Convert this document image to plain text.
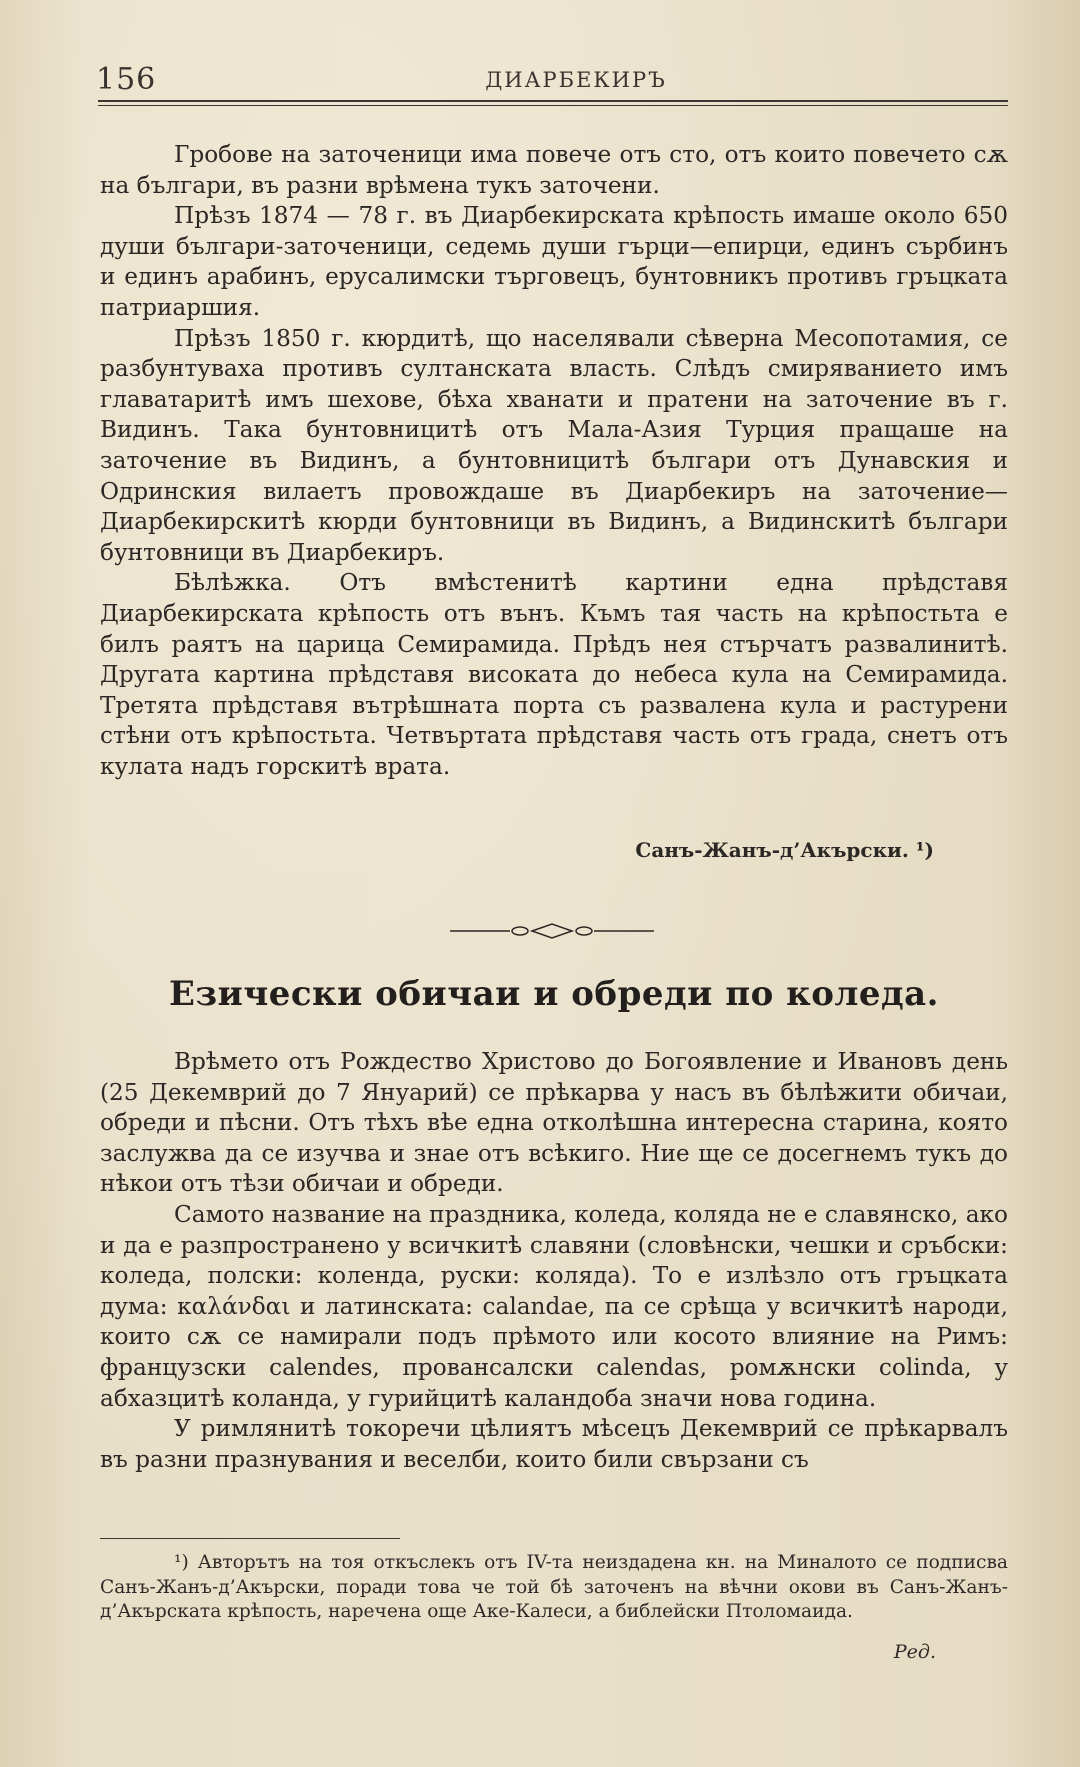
156	ДИАРБЕКИРЪ

Гробове на заточеници има повече отъ сто, отъ които повечето сѫ на българи, въ разни врѣмена тукъ заточени.

Прѣзъ 1874 — 78 г. въ Диарбекирската крѣпость имаше около 650 души българи-заточеници, седемь души гърци—епирци, единъ сърбинъ и единъ арабинъ, ерусалимски търговецъ, бунтовникъ противъ гръцката патриаршия.

Прѣзъ 1850 г. кюрдитѣ, що населявали сѣверна Месопотамия, се разбунтуваха противъ султанската власть. Слѣдъ смиряванието имъ главатаритѣ имъ шехове, бѣха хванати и пратени на заточение въ г. Видинъ. Така бунтовницитѣ отъ Мала-Азия Турция пращаше на заточение въ Видинъ, а бунтовницитѣ българи отъ Дунавския и Одринския вилаетъ провождаше въ Диарбекиръ на заточение—Диарбекирскитѣ кюрди бунтовници въ Видинъ, а Видинскитѣ българи бунтовници въ Диарбекиръ.

Бѣлѣжка. Отъ вмѣстенитѣ картини една прѣдставя Диарбекирската крѣпость отъ вънъ. Къмъ тая часть на крѣпостьта е билъ раятъ на царица Семирамида. Прѣдъ нея стърчатъ развалинитѣ. Другата картина прѣдставя високата до небеса кула на Семирамида. Третята прѣдставя вътрѣшната порта съ развалена кула и растурени стѣни отъ крѣпостьта. Четвъртата прѣдставя часть отъ града, снетъ отъ кулата надъ горскитѣ врата.

Санъ-Жанъ-д’Акърски. ¹)
Езически обичаи и обреди по коледа.

Врѣмето отъ Рождество Христово до Богоявление и Ивановъ день (25 Декемврий до 7 Януарий) се прѣкарва у насъ въ бѣлѣжити обичаи, обреди и пѣсни. Отъ тѣхъ вѣе една отколѣшна интересна старина, която заслужва да се изучва и знае отъ всѣкиго. Ние ще се досегнемъ тукъ до нѣкои отъ тѣзи обичаи и обреди.

Самото название на праздника, коледа, коляда не е славянско, ако и да е разпространено у всичкитѣ славяни (словѣнски, чешки и сръбски: коледа, полски: коленда, руски: коляда). То е излѣзло отъ гръцката дума: καλάνδαι и латинската: calandae, па се срѣща у всичкитѣ народи, които сѫ се намирали подъ прѣмото или косото влияние на Римъ: французски calendes, провансалски calendas, ромѫнски colinda, у абхазцитѣ коланда, у гурийцитѣ каландоба значи нова година.

У римлянитѣ токоречи цѣлиятъ мѣсецъ Декемврий се прѣкарвалъ въ разни празнувания и веселби, които били свързани съ

¹) Авторътъ на тоя откъслекъ отъ IV-та неиздадена кн. на Миналото се подписва Санъ-Жанъ-д’Акърски, поради това че той бѣ заточенъ на вѣчни окови въ Санъ-Жанъ-д’Акърската крѣпость, наречена още Аке-Калеси, а библейски Птоломаида.

Ред.
